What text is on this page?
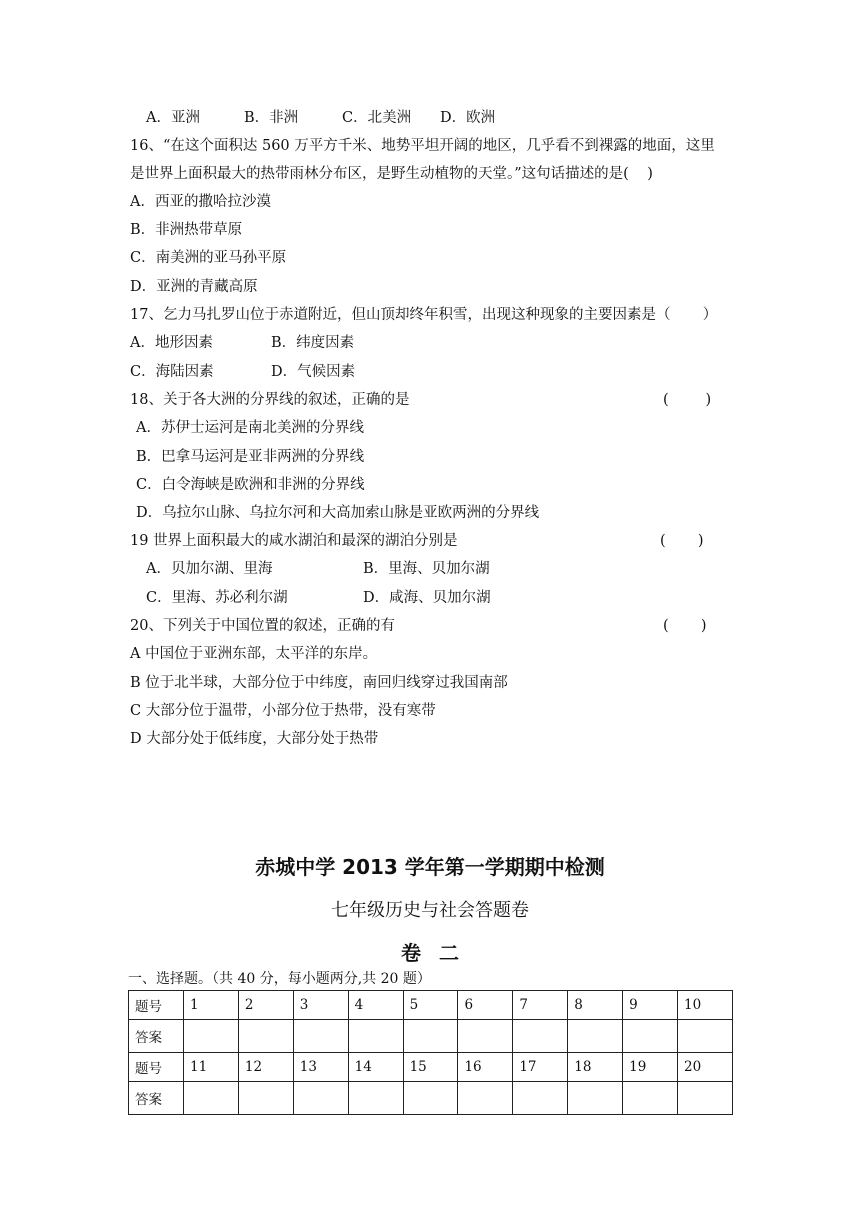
A．亚洲	B．非洲	C．北美洲	D．欧洲
16、“在这个面积达 560 万平方千米、地势平坦开阔的地区，几乎看不到裸露的地面，这里
是世界上面积最大的热带雨林分布区，是野生动植物的天堂。”这句话描述的是(    )
A．西亚的撒哈拉沙漠
B．非洲热带草原
C．南美洲的亚马孙平原
D．亚洲的青藏高原
17、乞力马扎罗山位于赤道附近，但山顶却终年积雪，出现这种现象的主要因素是（       ）
A．地形因素	B．纬度因素
C．海陆因素	D．气候因素
18、关于各大洲的分界线的叙述，正确的是	(        )
A．苏伊士运河是南北美洲的分界线
B．巴拿马运河是亚非两洲的分界线
C．白令海峡是欧洲和非洲的分界线
D．乌拉尔山脉、乌拉尔河和大高加索山脉是亚欧两洲的分界线
19 世界上面积最大的咸水湖泊和最深的湖泊分别是	(       )
A．贝加尔湖、里海	B．里海、贝加尔湖
C．里海、苏必利尔湖	D．咸海、贝加尔湖
20、下列关于中国位置的叙述，正确的有	(       )
A 中国位于亚洲东部，太平洋的东岸。
B 位于北半球，大部分位于中纬度，南回归线穿过我国南部
C 大部分位于温带，小部分位于热带，没有寒带
D 大部分处于低纬度，大部分处于热带
赤城中学 2013 学年第一学期期中检测
七年级历史与社会答题卷
卷二
一、选择题。（共 40 分，每小题两分,共 20 题）
题号	1	2	3	4	5	6	7	8	9	10
答案										
题号	11	12	13	14	15	16	17	18	19	20
答案										
